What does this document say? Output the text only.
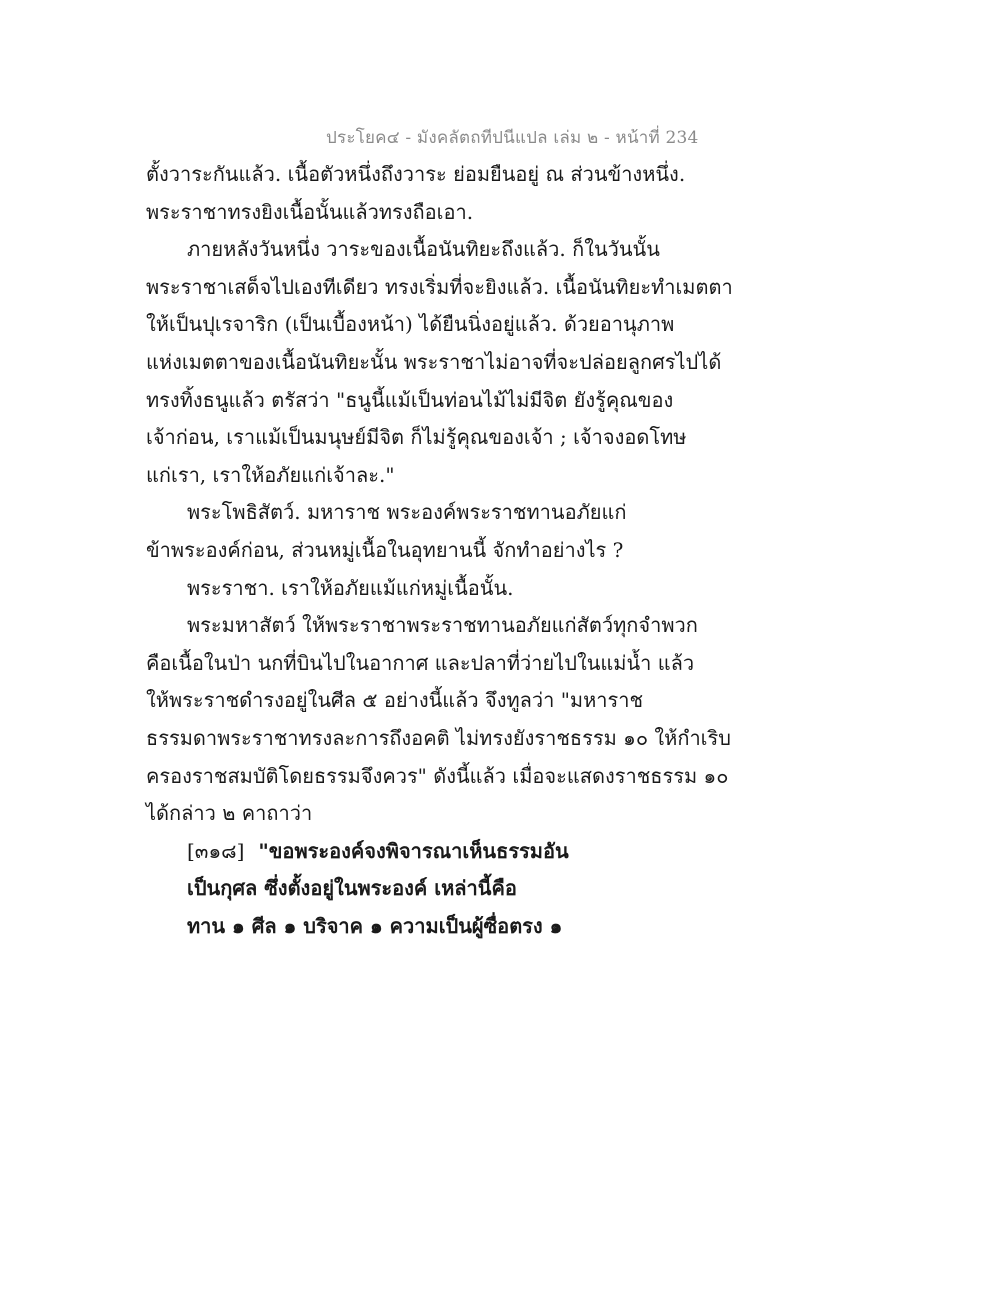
ประโยค๔ - มังคลัตถทีปนีแปล เล่ม ๒ - หน้าที่ 234
ตั้งวาระกันแล้ว. เนื้อตัวหนึ่งถึงวาระ ย่อมยืนอยู่ ณ ส่วนข้างหนึ่ง.
พระราชาทรงยิงเนื้อนั้นแล้วทรงถือเอา.
ภายหลังวันหนึ่ง วาระของเนื้อนันทิยะถึงแล้ว. ก็ในวันนั้น
พระราชาเสด็จไปเองทีเดียว ทรงเริ่มที่จะยิงแล้ว. เนื้อนันทิยะทำเมตตา
ให้เป็นปุเรจาริก (เป็นเบื้องหน้า) ได้ยืนนิ่งอยู่แล้ว. ด้วยอานุภาพ
แห่งเมตตาของเนื้อนันทิยะนั้น พระราชาไม่อาจที่จะปล่อยลูกศรไปได้
ทรงทิ้งธนูแล้ว ตรัสว่า "ธนูนี้แม้เป็นท่อนไม้ไม่มีจิต ยังรู้คุณของ
เจ้าก่อน, เราแม้เป็นมนุษย์มีจิต ก็ไม่รู้คุณของเจ้า ; เจ้าจงอดโทษ
แก่เรา, เราให้อภัยแก่เจ้าละ."
พระโพธิสัตว์. มหาราช พระองค์พระราชทานอภัยแก่
ข้าพระองค์ก่อน, ส่วนหมู่เนื้อในอุทยานนี้ จักทำอย่างไร ?
พระราชา. เราให้อภัยแม้แก่หมู่เนื้อนั้น.
พระมหาสัตว์ ให้พระราชาพระราชทานอภัยแก่สัตว์ทุกจำพวก
คือเนื้อในป่า นกที่บินไปในอากาศ และปลาที่ว่ายไปในแม่น้ำ แล้ว
ให้พระราชดำรงอยู่ในศีล ๕ อย่างนี้แล้ว จึงทูลว่า "มหาราช
ธรรมดาพระราชาทรงละการถึงอคติ ไม่ทรงยังราชธรรม ๑๐ ให้กำเริบ
ครองราชสมบัติโดยธรรมจึงควร" ดังนี้แล้ว เมื่อจะแสดงราชธรรม ๑๐
ได้กล่าว ๒ คาถาว่า
[๓๑๘] "ขอพระองค์จงพิจารณาเห็นธรรมอัน
เป็นกุศล ซึ่งตั้งอยู่ในพระองค์ เหล่านี้คือ
ทาน ๑ ศีล ๑ บริจาค ๑ ความเป็นผู้ซื่อตรง ๑
